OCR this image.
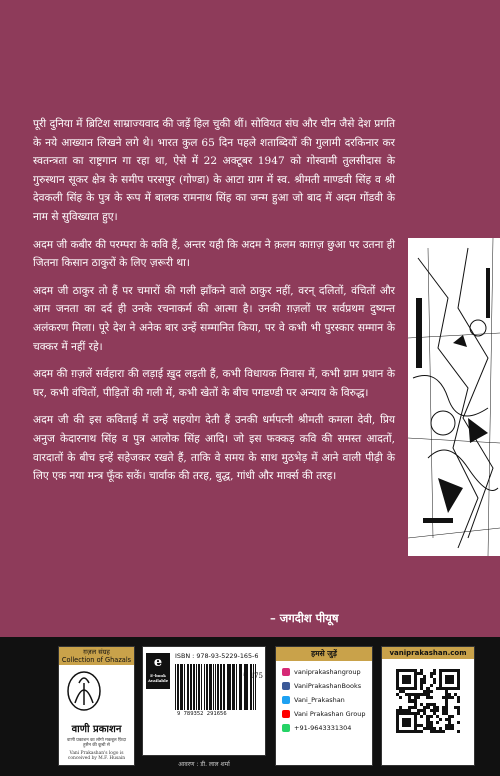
पूरी दुनिया में ब्रिटिश साम्राज्यवाद की जड़ें हिल चुकी थीं। सोवियत संघ और चीन जैसे देश प्रगति के नये आख्यान लिखने लगे थे। भारत कुल 65 दिन पहले शताब्दियों की गुलामी दरकिनार कर स्वतन्त्रता का राष्ट्रगान गा रहा था, ऐसे में 22 अक्टूबर 1947 को गोस्वामी तुलसीदास के गुरुस्थान सूकर क्षेत्र के समीप परसपुर (गोण्डा) के आटा ग्राम में स्व. श्रीमती माण्डवी सिंह व श्री देवकली सिंह के पुत्र के रूप में बालक रामनाथ सिंह का जन्म हुआ जो बाद में अदम गोंडवी के नाम से सुविख्यात हुए।

अदम जी कबीर की परम्परा के कवि हैं, अन्तर यही कि अदम ने क़लम काग़ज़ छुआ पर उतना ही जितना किसान ठाकुरों के लिए ज़रूरी था।

अदम जी ठाकुर तो हैं पर चमारों की गली झाँकने वाले ठाकुर नहीं, वरन् दलितों, वंचितों और आम जनता का दर्द ही उनके रचनाकर्म की आत्मा है। उनकी ग़ज़लों पर सर्वप्रथम दुष्यन्त अलंकरण मिला। पूरे देश ने अनेक बार उन्हें सम्मानित किया, पर वे कभी भी पुरस्कार सम्मान के चक्कर में नहीं रहे।

अदम की ग़ज़लें सर्वहारा की लड़ाई ख़ुद लड़ती हैं, कभी विधायक निवास में, कभी ग्राम प्रधान के घर, कभी वंचितों, पीड़ितों की गली में, कभी खेतों के बीच पगडण्डी पर अन्याय के विरुद्ध।

अदम जी की इस कविताई में उन्हें सहयोग देती हैं उनकी धर्मपत्नी श्रीमती कमला देवी, प्रिय अनुज केदारनाथ सिंह व पुत्र आलोक सिंह आदि। जो इस फक्कड़ कवि की समस्त आदतों, वारदातों के बीच इन्हें सहेजकर रखते हैं, ताकि वे समय के साथ मुठभेड़ में आने वाली पीढ़ी के लिए एक नया मन्त्र फूँक सकें। चार्वाक की तरह, बुद्ध, गांधी और मार्क्स की तरह।

– जगदीश पीयूष
ग़ज़ल संग्रह
Collection of Ghazals
वाणी प्रकाशन
वाणी प्रकाशन का लोगो मकबूल फ़िदा हुसैन की कूची से
Vani Prakashan's logo is conceived by M.F. Husain
e
E-book Available
ISBN : 978-93-5229-165-6
₹ 175
9 789352 291656
आवरण : डी. लाल शर्मा
हमसे जुड़ें
vaniprakashangroup
VaniPrakashanBooks
Vani_Prakashan
Vani Prakashan Group
+91-9643331304
vaniprakashan.com
